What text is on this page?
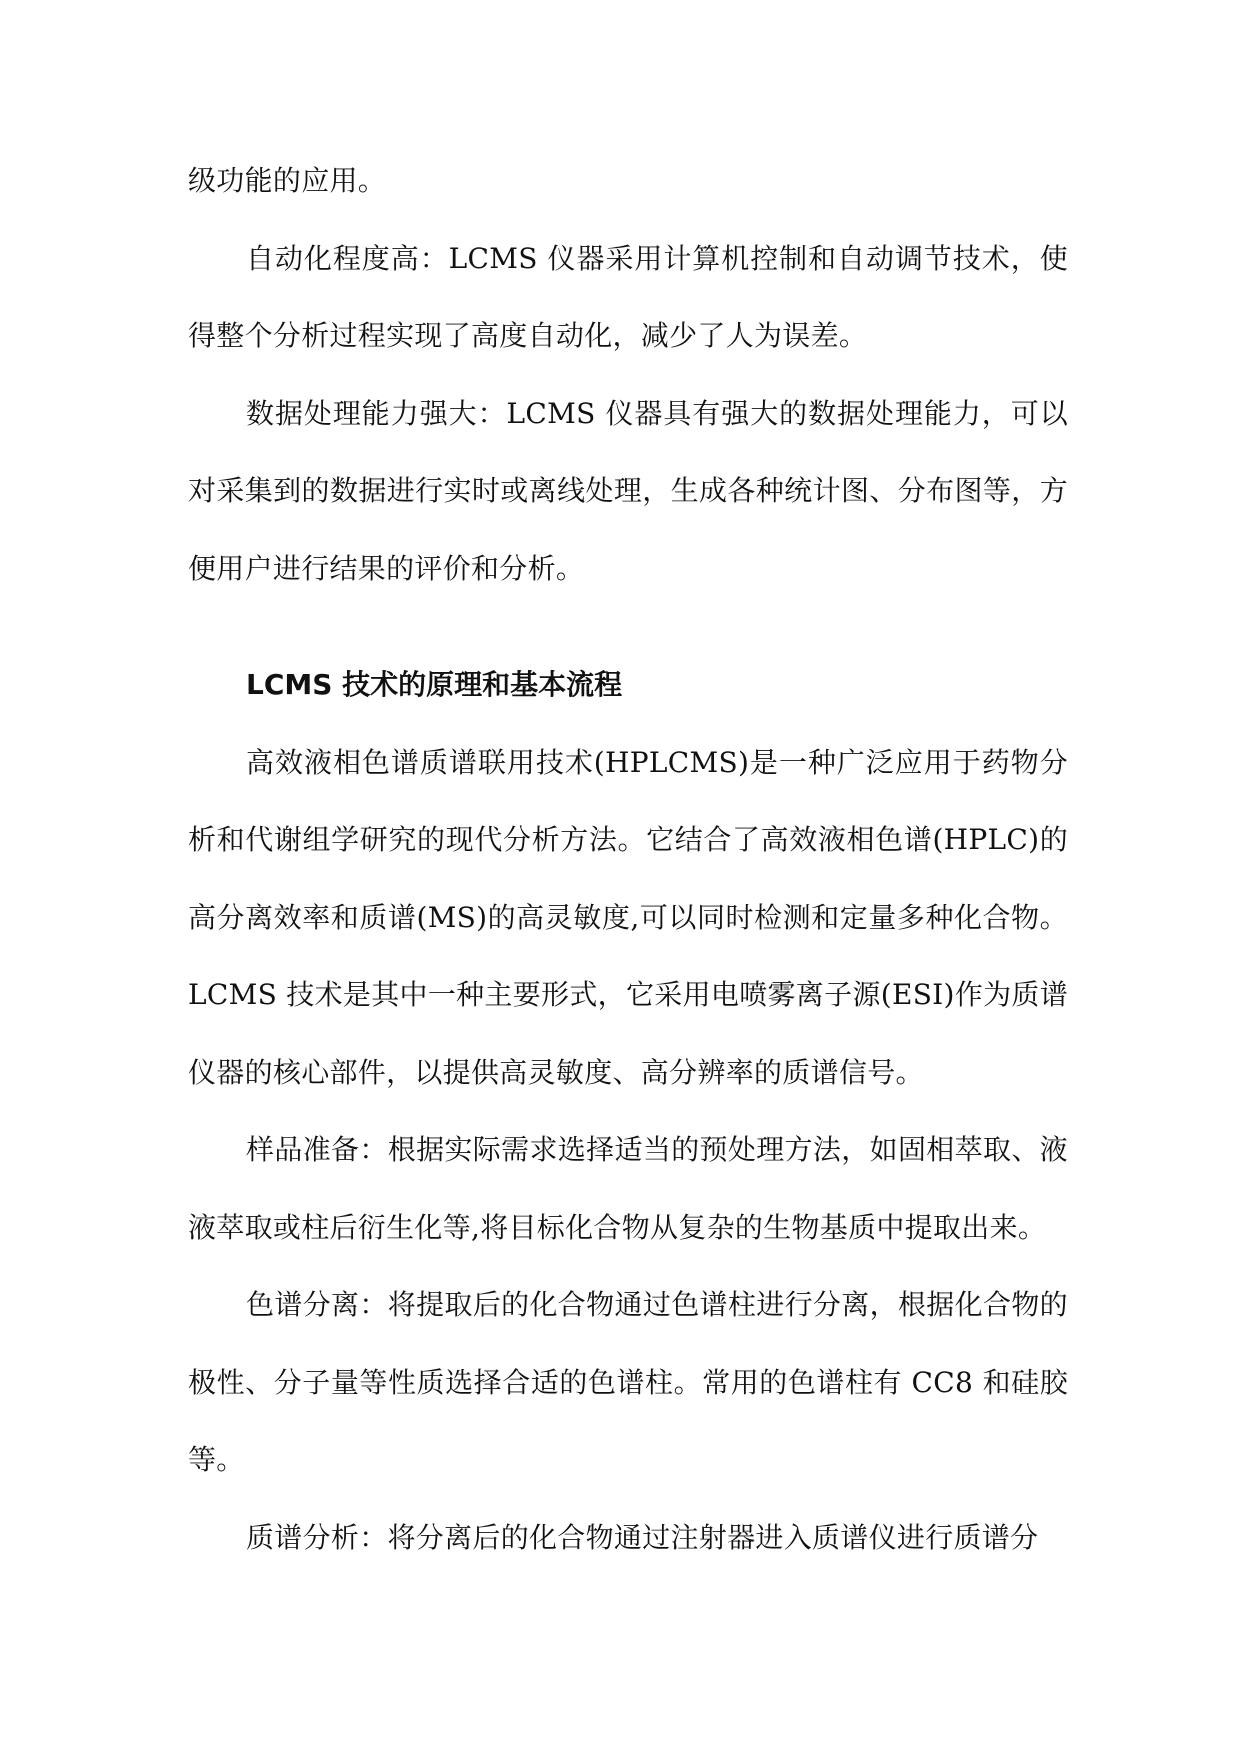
级功能的应用。

自动化程度高：LCMS 仪器采用计算机控制和自动调节技术，使得整个分析过程实现了高度自动化，减少了人为误差。

数据处理能力强大：LCMS 仪器具有强大的数据处理能力，可以对采集到的数据进行实时或离线处理，生成各种统计图、分布图等，方便用户进行结果的评价和分析。

LCMS 技术的原理和基本流程

高效液相色谱质谱联用技术(HPLCMS)是一种广泛应用于药物分析和代谢组学研究的现代分析方法。它结合了高效液相色谱(HPLC)的高分离效率和质谱(MS)的高灵敏度,可以同时检测和定量多种化合物。LCMS 技术是其中一种主要形式，它采用电喷雾离子源(ESI)作为质谱仪器的核心部件，以提供高灵敏度、高分辨率的质谱信号。

样品准备：根据实际需求选择适当的预处理方法，如固相萃取、液液萃取或柱后衍生化等,将目标化合物从复杂的生物基质中提取出来。

色谱分离：将提取后的化合物通过色谱柱进行分离，根据化合物的极性、分子量等性质选择合适的色谱柱。常用的色谱柱有 CC8 和硅胶等。

质谱分析：将分离后的化合物通过注射器进入质谱仪进行质谱分
